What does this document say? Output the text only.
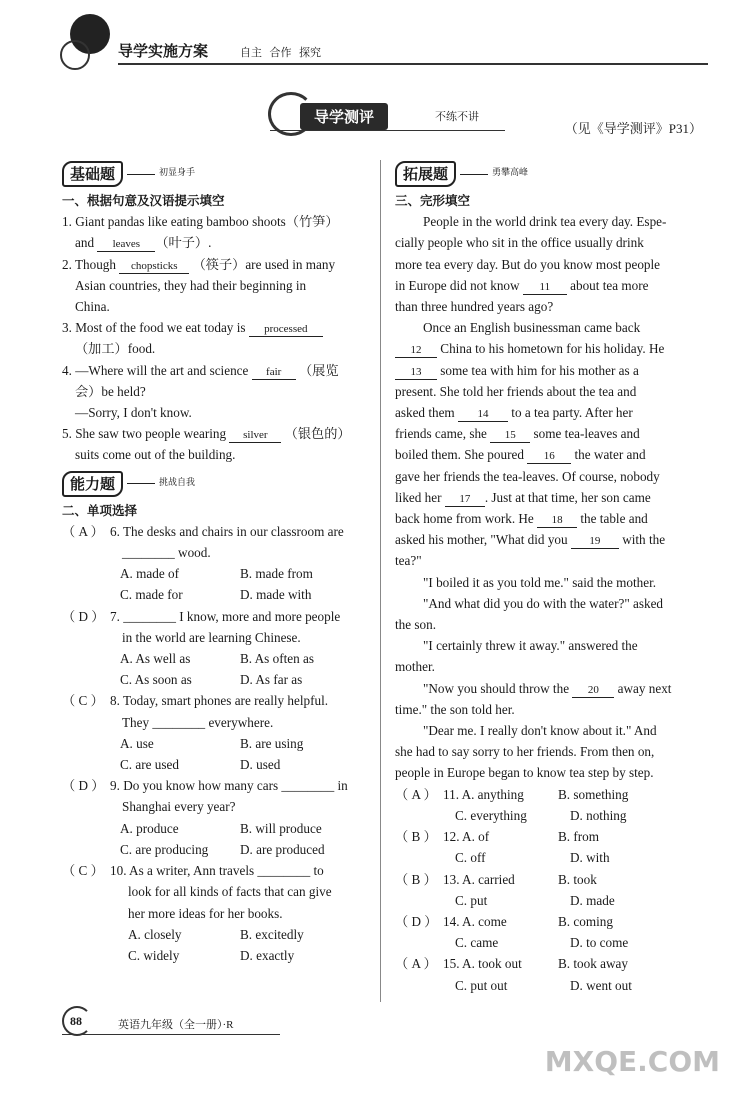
导学实施方案	自主 合作 探究
导学测评	不练不讲
（见《导学测评》P31）
基础题	初显身手
一、根据句意及汉语提示填空
1. Giant pandas like eating bamboo shoots（竹笋）
and leaves （叶子）.
2. Though chopsticks （筷子）are used in many
Asian countries, they had their beginning in
China.
3. Most of the food we eat today is processed
（加工）food.
4. —Where will the art and science fair （展览
会）be held?
—Sorry, I don't know.
5. She saw two people wearing silver （银色的）
suits come out of the building.
能力题	挑战自我
二、单项选择
（ A ） 6. The desks and chairs in our classroom are
________ wood.
A. made of	B. made from
C. made for	D. made with
（ D ） 7. ________ I know, more and more people
in the world are learning Chinese.
A. As well as	B. As often as
C. As soon as	D. As far as
（ C ） 8. Today, smart phones are really helpful.
They ________ everywhere.
A. use	B. are using
C. are used	D. used
（ D ） 9. Do you know how many cars ________ in
Shanghai every year?
A. produce	B. will produce
C. are producing	D. are produced
（ C ） 10. As a writer, Ann travels ________ to
look for all kinds of facts that can give
her more ideas for her books.
A. closely	B. excitedly
C. widely	D. exactly
拓展题	勇攀高峰
三、完形填空
People in the world drink tea every day. Espe-
cially people who sit in the office usually drink
more tea every day. But do you know most people
in Europe did not know 11 about tea more
than three hundred years ago?
Once an English businessman came back
12 China to his hometown for his holiday. He
13 some tea with him for his mother as a
present. She told her friends about the tea and
asked them 14 to a tea party. After her
friends came, she 15 some tea-leaves and
boiled them. She poured 16 the water and
gave her friends the tea-leaves. Of course, nobody
liked her 17 . Just at that time, her son came
back home from work. He 18 the table and
asked his mother, "What did you 19 with the
tea?"
"I boiled it as you told me." said the mother.
"And what did you do with the water?" asked
the son.
"I certainly threw it away." answered the
mother.
"Now you should throw the 20 away next
time." the son told her.
"Dear me. I really don't know about it." And
she had to say sorry to her friends. From then on,
people in Europe began to know tea step by step.
（ A ） 11. A. anything	B. something
C. everything	D. nothing
（ B ） 12. A. of	B. from
C. off	D. with
（ B ） 13. A. carried	B. took
C. put	D. made
（ D ） 14. A. come	B. coming
C. came	D. to come
（ A ） 15. A. took out	B. took away
C. put out	D. went out
88	英语九年级（全一册）·R
MXQE.COM
